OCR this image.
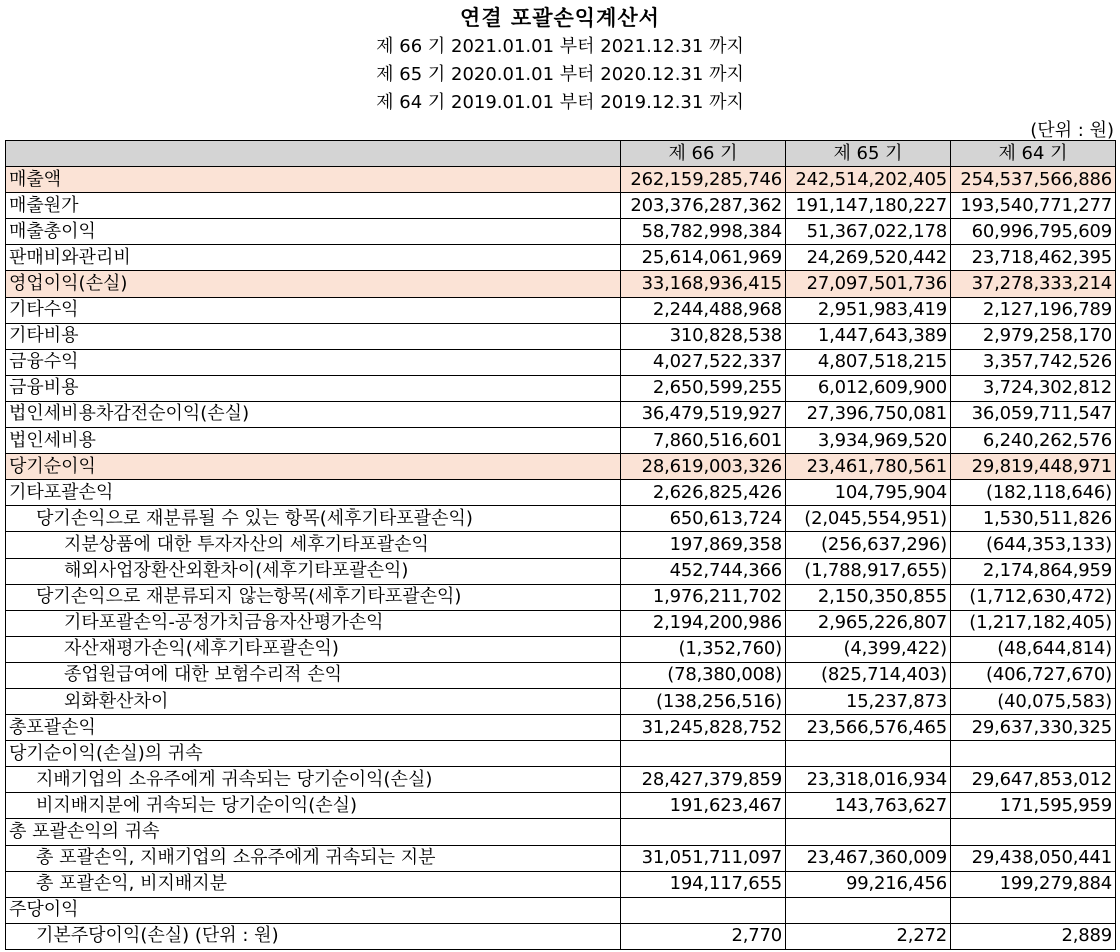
연결 포괄손익계산서
제 66 기 2021.01.01 부터 2021.12.31 까지
제 65 기 2020.01.01 부터 2020.12.31 까지
제 64 기 2019.01.01 부터 2019.12.31 까지
(단위 : 원)
	제 66 기	제 65 기	제 64 기
매출액	262,159,285,746	242,514,202,405	254,537,566,886
매출원가	203,376,287,362	191,147,180,227	193,540,771,277
매출총이익	58,782,998,384	51,367,022,178	60,996,795,609
판매비와관리비	25,614,061,969	24,269,520,442	23,718,462,395
영업이익(손실)	33,168,936,415	27,097,501,736	37,278,333,214
기타수익	2,244,488,968	2,951,983,419	2,127,196,789
기타비용	310,828,538	1,447,643,389	2,979,258,170
금융수익	4,027,522,337	4,807,518,215	3,357,742,526
금융비용	2,650,599,255	6,012,609,900	3,724,302,812
법인세비용차감전순이익(손실)	36,479,519,927	27,396,750,081	36,059,711,547
법인세비용	7,860,516,601	3,934,969,520	6,240,262,576
당기순이익	28,619,003,326	23,461,780,561	29,819,448,971
기타포괄손익	2,626,825,426	104,795,904	(182,118,646)
당기손익으로 재분류될 수 있는 항목(세후기타포괄손익)	650,613,724	(2,045,554,951)	1,530,511,826
지분상품에 대한 투자자산의 세후기타포괄손익	197,869,358	(256,637,296)	(644,353,133)
해외사업장환산외환차이(세후기타포괄손익)	452,744,366	(1,788,917,655)	2,174,864,959
당기손익으로 재분류되지 않는항목(세후기타포괄손익)	1,976,211,702	2,150,350,855	(1,712,630,472)
기타포괄손익-공정가치금융자산평가손익	2,194,200,986	2,965,226,807	(1,217,182,405)
자산재평가손익(세후기타포괄손익)	(1,352,760)	(4,399,422)	(48,644,814)
종업원급여에 대한 보험수리적 손익	(78,380,008)	(825,714,403)	(406,727,670)
외화환산차이	(138,256,516)	15,237,873	(40,075,583)
총포괄손익	31,245,828,752	23,566,576,465	29,637,330,325
당기순이익(손실)의 귀속			
지배기업의 소유주에게 귀속되는 당기순이익(손실)	28,427,379,859	23,318,016,934	29,647,853,012
비지배지분에 귀속되는 당기순이익(손실)	191,623,467	143,763,627	171,595,959
총 포괄손익의 귀속			
총 포괄손익, 지배기업의 소유주에게 귀속되는 지분	31,051,711,097	23,467,360,009	29,438,050,441
총 포괄손익, 비지배지분	194,117,655	99,216,456	199,279,884
주당이익			
기본주당이익(손실) (단위 : 원)	2,770	2,272	2,889
